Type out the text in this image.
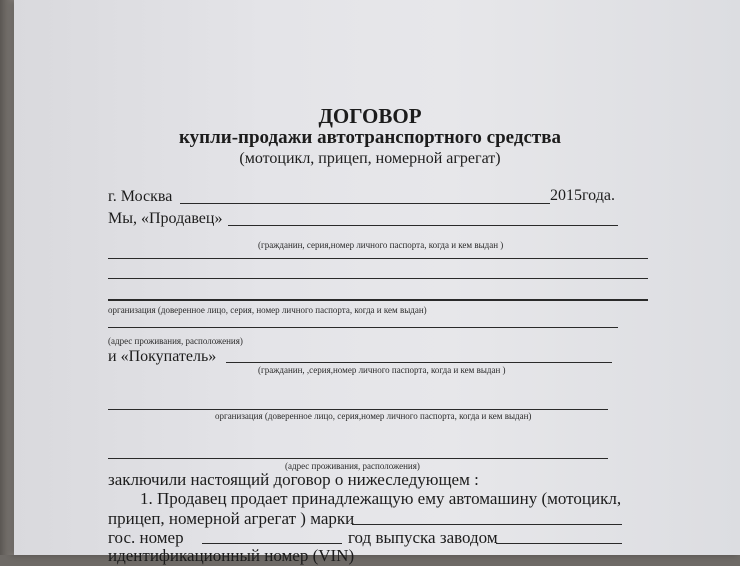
ДОГОВОР
купли-продажи автотранспортного средства
(мотоцикл, прицеп, номерной агрегат)
г. Москва	2015года.
Мы, «Продавец»
(гражданин, серия,номер личного паспорта, когда и кем выдан )
организация (доверенное лицо, серия, номер личного паспорта, когда и кем выдан)
(адрес проживания, расположения)
и «Покупатель»
(гражданин, ,серия,номер личного паспорта, когда и кем выдан )
организация (доверенное лицо, серия,номер личного паспорта, когда и кем выдан)
(адрес проживания, расположения)
заключили настоящий договор о нижеследующем :
1. Продавец продает принадлежащую ему автомашину (мотоцикл,
прицеп, номерной агрегат ) марки
гос. номер	год выпуска заводом
идентификационный номер (VIN)
